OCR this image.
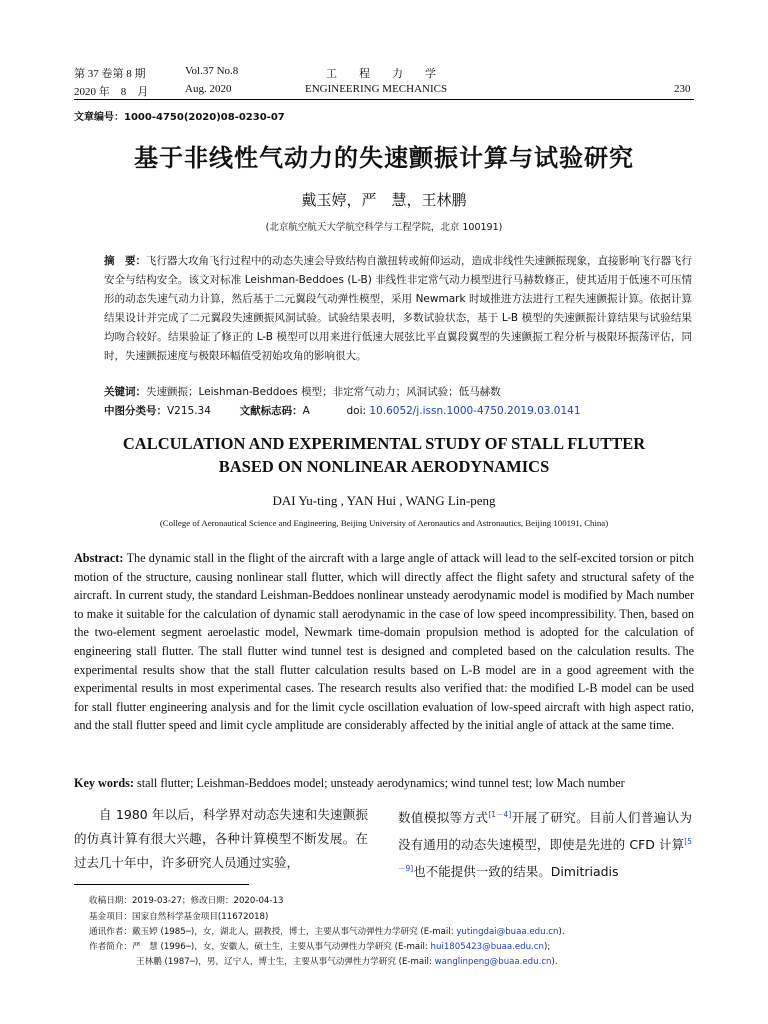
第 37 卷第 8 期	Vol.37 No.8	工　　程　　力　　学
2020 年　8　月	Aug. 2020	ENGINEERING MECHANICS	230
文章编号：1000-4750(2020)08-0230-07
基于非线性气动力的失速颤振计算与试验研究
戴玉婷，严　慧，王林鹏
(北京航空航天大学航空科学与工程学院，北京 100191)
摘　要：飞行器大攻角飞行过程中的动态失速会导致结构自激扭转或俯仰运动，造成非线性失速颤振现象，直接影响飞行器飞行安全与结构安全。该文对标准 Leishman-Beddoes (L-B) 非线性非定常气动力模型进行马赫数修正，使其适用于低速不可压情形的动态失速气动力计算，然后基于二元翼段气动弹性模型，采用 Newmark 时域推进方法进行工程失速颤振计算。依据计算结果设计并完成了二元翼段失速颤振风洞试验。试验结果表明，多数试验状态，基于 L-B 模型的失速颤振计算结果与试验结果均吻合较好。结果验证了修正的 L-B 模型可以用来进行低速大展弦比平直翼段翼型的失速颤振工程分析与极限环振荡评估，同时，失速颤振速度与极限环幅值受初始攻角的影响很大。
关键词：失速颤振；Leishman-Beddoes 模型；非定常气动力；风洞试验；低马赫数
中图分类号：V215.34	文献标志码：A	doi: 10.6052/j.issn.1000-4750.2019.03.0141
CALCULATION AND EXPERIMENTAL STUDY OF STALL FLUTTER
BASED ON NONLINEAR AERODYNAMICS
DAI Yu-ting , YAN Hui , WANG Lin-peng
(College of Aeronautical Science and Engineering, Beijing University of Aeronautics and Astronautics, Beijing 100191, China)
Abstract: The dynamic stall in the flight of the aircraft with a large angle of attack will lead to the self-excited torsion or pitch motion of the structure, causing nonlinear stall flutter, which will directly affect the flight safety and structural safety of the aircraft. In current study, the standard Leishman-Beddoes nonlinear unsteady aerodynamic model is modified by Mach number to make it suitable for the calculation of dynamic stall aerodynamic in the case of low speed incompressibility. Then, based on the two-element segment aeroelastic model, Newmark time-domain propulsion method is adopted for the calculation of engineering stall flutter. The stall flutter wind tunnel test is designed and completed based on the calculation results. The experimental results show that the stall flutter calculation results based on L-B model are in a good agreement with the experimental results in most experimental cases. The research results also verified that: the modified L-B model can be used for stall flutter engineering analysis and for the limit cycle oscillation evaluation of low-speed aircraft with high aspect ratio, and the stall flutter speed and limit cycle amplitude are considerably affected by the initial angle of attack at the same time.
Key words: stall flutter; Leishman-Beddoes model; unsteady aerodynamics; wind tunnel test; low Mach number
自 1980 年以后，科学界对动态失速和失速颤振的仿真计算有很大兴趣，各种计算模型不断发展。在过去几十年中，许多研究人员通过实验，
数值模拟等方式[1－4]开展了研究。目前人们普遍认为没有通用的动态失速模型，即使是先进的 CFD 计算[5－9]也不能提供一致的结果。Dimitriadis
收稿日期：2019-03-27；修改日期：2020-04-13
基金项目：国家自然科学基金项目(11672018)
通讯作者：戴玉婷 (1985─)，女，湖北人，副教授，博士，主要从事气动弹性力学研究 (E-mail: yutingdai@buaa.edu.cn).
作者简介：严　慧 (1996─)，女，安徽人，硕士生，主要从事气动弹性力学研究 (E-mail: hui1805423@buaa.edu.cn);
王林鹏 (1987─)，男，辽宁人，博士生，主要从事气动弹性力学研究 (E-mail: wanglinpeng@buaa.edu.cn).
